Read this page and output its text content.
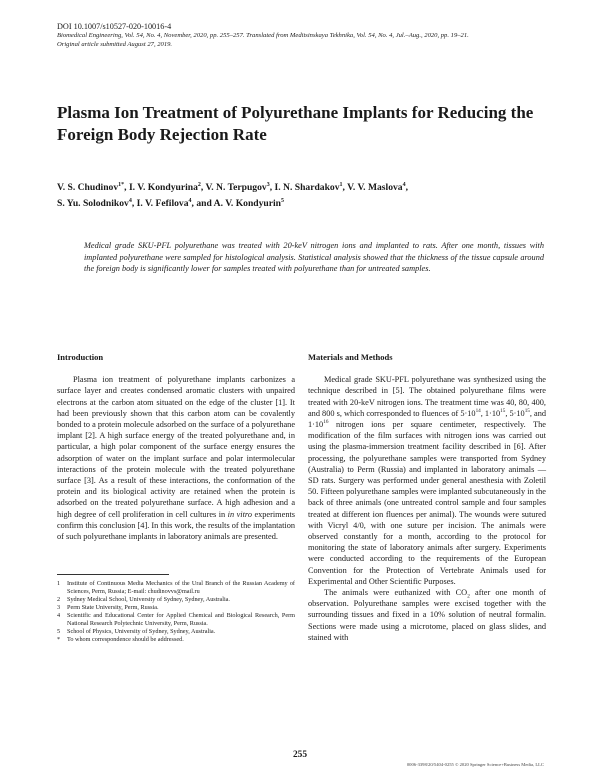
DOI 10.1007/s10527-020-10016-4
Biomedical Engineering, Vol. 54, No. 4, November, 2020, pp. 255–257. Translated from Meditsinskaya Tekhnika, Vol. 54, No. 4, Jul.–Aug., 2020, pp. 19–21.
Original article submitted August 27, 2019.
Plasma Ion Treatment of Polyurethane Implants for Reducing the Foreign Body Rejection Rate
V. S. Chudinov$^{1*}$, I. V. Kondyurina$^2$, V. N. Terpugov$^3$, I. N. Shardakov$^1$, V. V. Maslova$^4$,
S. Yu. Solodnikov$^4$, I. V. Fefilova$^4$, and A. V. Kondyurin$^5$
Medical grade SKU-PFL polyurethane was treated with 20-keV nitrogen ions and implanted to rats. After one month, tissues with implanted polyurethane were sampled for histological analysis. Statistical analysis showed that the thickness of the tissue capsule around the foreign body is significantly lower for samples treated with polyurethane than for untreated samples.
Introduction

Plasma ion treatment of polyurethane implants carbonizes a surface layer and creates condensed aromatic clusters with unpaired electrons at the carbon atom situated on the edge of the cluster [1]. It had been previously shown that this carbon atom can be covalently bonded to a protein molecule adsorbed on the surface of a polyurethane implant [2]. A high surface energy of the treated polyurethane and, in particular, a high polar component of the surface energy ensures the adsorption of water on the implant surface and polar intermolecular interactions of the protein molecule with the treated polyurethane surface [3]. As a result of these interactions, the conformation of the protein and its biological activity are retained when the protein is adsorbed on the treated polyurethane surface. A high adhesion and a high degree of cell proliferation in cell cultures in in vitro experiments confirm this conclusion [4]. In this work, the results of the implantation of such polyurethane implants in laboratory animals are presented.

1	Institute of Continuous Media Mechanics of the Ural Branch of the Russian Academy of Sciences, Perm, Russia; E-mail: chudinovvs@mail.ru
2	Sydney Medical School, University of Sydney, Sydney, Australia.
3	Perm State University, Perm, Russia.
4	Scientific and Educational Center for Applied Chemical and Biological Research, Perm National Research Polytechnic University, Perm, Russia.
5	School of Physics, University of Sydney, Sydney, Australia.
*	To whom correspondence should be addressed.
Materials and Methods

Medical grade SKU-PFL polyurethane was synthesized using the technique described in [5]. The obtained polyurethane films were treated with 20-keV nitrogen ions. The treatment time was 40, 80, 400, and 800 s, which corresponded to fluences of $5\cdot 10^{14}$, $1\cdot 10^{15}$, $5\cdot 10^{15}$, and $1\cdot 10^{16}$ nitrogen ions per square centimeter, respectively. The modification of the film surfaces with nitrogen ions was carried out using the plasma-immersion treatment facility described in [6]. After processing, the polyurethane samples were transported from Sydney (Australia) to Perm (Russia) and implanted in laboratory animals — SD rats. Surgery was performed under general anesthesia with Zoletil 50. Fifteen polyurethane samples were implanted subcutaneously in the back of three animals (one untreated control sample and four samples treated at different ion fluences per animal). The wounds were sutured with Vicryl 4/0, with one suture per incision. The animals were observed constantly for a month, according to the protocol for monitoring the state of laboratory animals after surgery. Experiments were conducted according to the requirements of the European Convention for the Protection of Vertebrate Animals used for Experimental and Other Scientific Purposes.

The animals were euthanized with $CO_2$ after one month of observation. Polyurethane samples were excised together with the surrounding tissues and fixed in a 10% solution of neutral formalin. Sections were made using a microtome, placed on glass slides, and stained with

255
0006-3398/20/5404-0255 © 2020 Springer Science+Business Media, LLC
